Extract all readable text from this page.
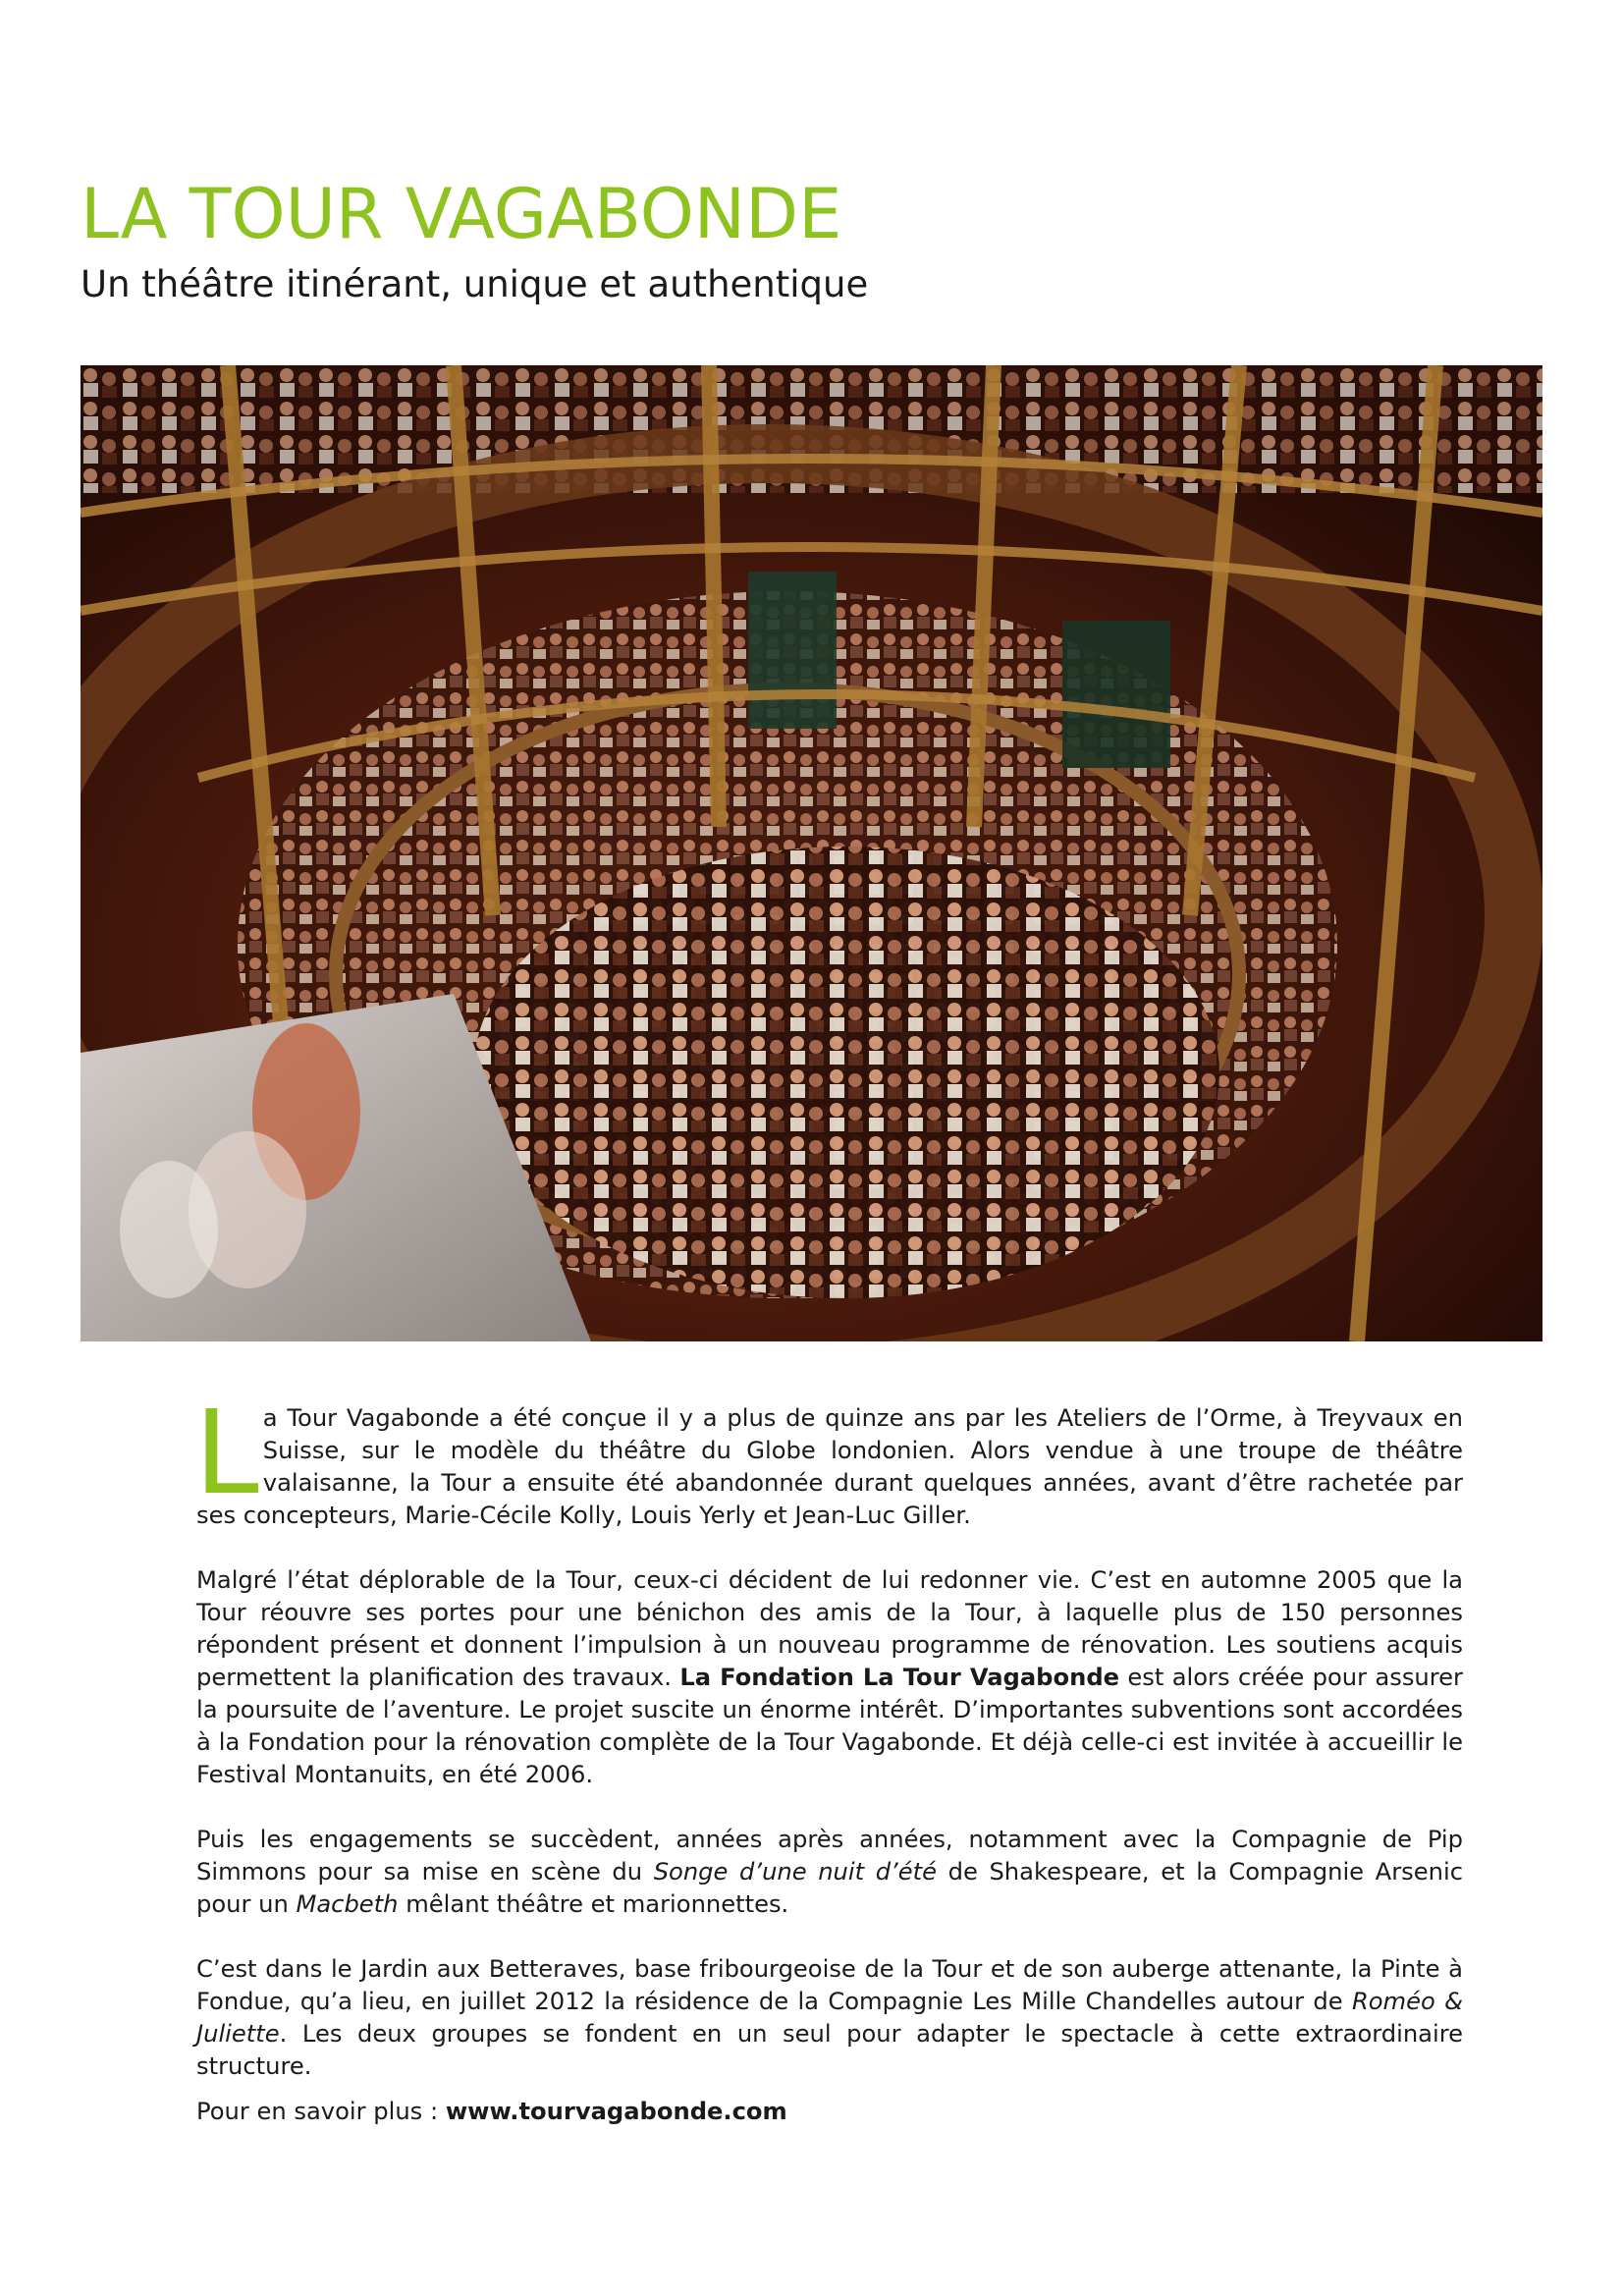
LA TOUR VAGABONDE
Un théâtre itinérant, unique et authentique

La Tour Vagabonde a été conçue il y a plus de quinze ans par les Ateliers de l’Orme, à Treyvaux en Suisse, sur le modèle du théâtre du Globe londonien. Alors vendue à une troupe de théâtre valaisanne, la Tour a ensuite été abandonnée durant quelques années, avant d’être rachetée par ses concepteurs, Marie-Cécile Kolly, Louis Yerly et Jean-Luc Giller.

Malgré l’état déplorable de la Tour, ceux-ci décident de lui redonner vie. C’est en automne 2005 que la Tour réouvre ses portes pour une bénichon des amis de la Tour, à laquelle plus de 150 personnes répondent présent et donnent l’impulsion à un nouveau programme de rénovation. Les soutiens acquis permettent la planification des travaux. La Fondation La Tour Vagabonde est alors créée pour assurer la poursuite de l’aventure. Le projet suscite un énorme intérêt. D’importantes subventions sont accordées à la Fondation pour la rénovation complète de la Tour Vagabonde. Et déjà celle-ci est invitée à accueillir le Festival Montanuits, en été 2006.

Puis les engagements se succèdent, années après années, notamment avec la Compagnie de Pip Simmons pour sa mise en scène du Songe d’une nuit d’été de Shakespeare, et la Compagnie Arsenic pour un Macbeth mêlant théâtre et marionnettes.

C’est dans le Jardin aux Betteraves, base fribourgeoise de la Tour et de son auberge attenante, la Pinte à Fondue, qu’a lieu, en juillet 2012 la résidence de la Compagnie Les Mille Chandelles autour de Roméo & Juliette. Les deux groupes se fondent en un seul pour adapter le spectacle à cette extraordinaire structure.

Pour en savoir plus : www.tourvagabonde.com
